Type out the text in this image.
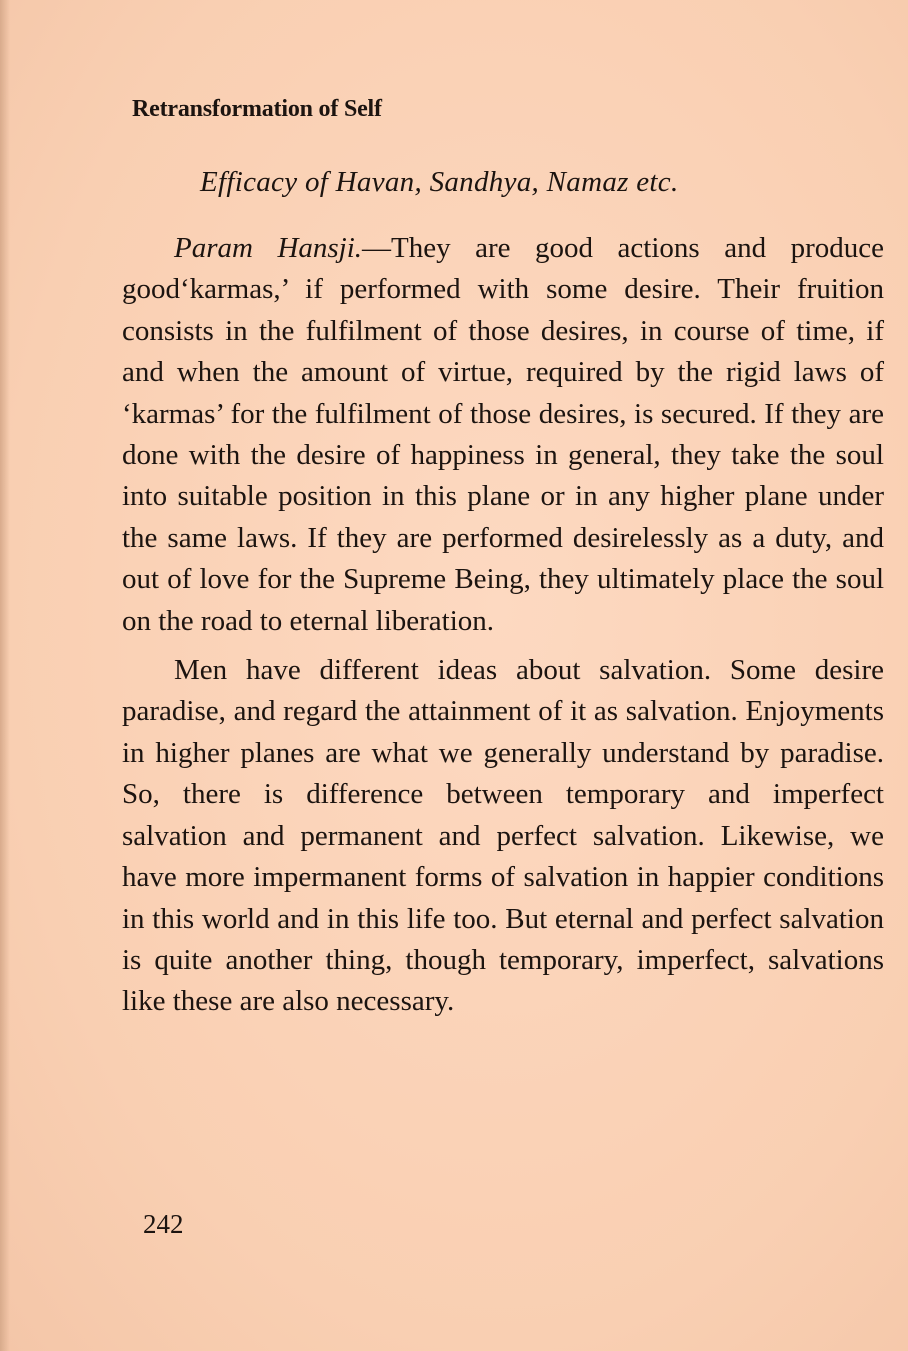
Retransformation of Self
Efficacy of Havan, Sandhya, Namaz etc.

Param Hansji.—They are good actions and produce good‘karmas,’ if performed with some desire. Their fruition consists in the fulfilment of those desires, in course of time, if and when the amount of virtue, required by the rigid laws of ‘karmas’ for the fulfilment of those desires, is secured. If they are done with the desire of happiness in general, they take the soul into suitable position in this plane or in any higher plane under the same laws. If they are performed desirelessly as a duty, and out of love for the Supreme Being, they ultimately place the soul on the road to eternal liberation.

Men have different ideas about salvation. Some desire paradise, and regard the attainment of it as salvation. Enjoyments in higher planes are what we generally understand by paradise. So, there is difference between temporary and imperfect salvation and permanent and perfect salvation. Likewise, we have more impermanent forms of salvation in happier conditions in this world and in this life too. But eternal and perfect salvation is quite another thing, though temporary, imperfect, salvations like these are also necessary.

242
